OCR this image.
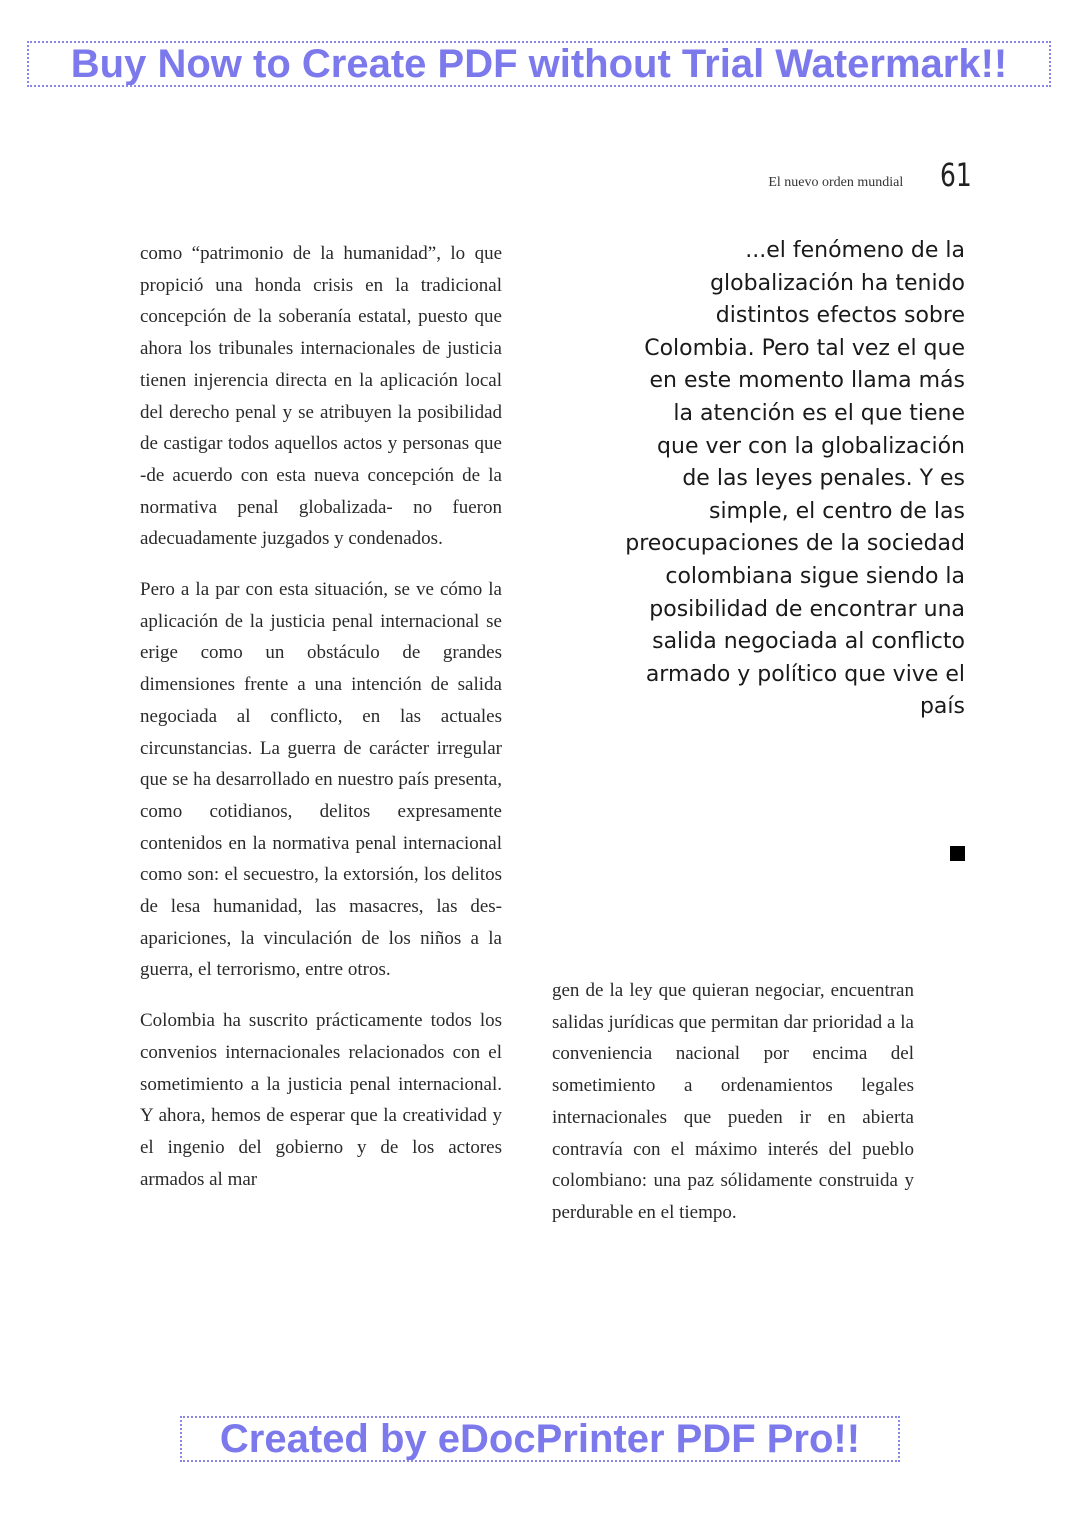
Buy Now to Create PDF without Trial Watermark!!
El nuevo orden mundial 61

como “patrimonio de la humanidad”, lo que propició una honda crisis en la tradicional concepción de la soberanía estatal, puesto que ahora los tribunales internacionales de justicia tienen injerencia directa en la aplicación local del derecho penal y se atribuyen la posibilidad de castigar todos aquellos actos y personas que -de acuerdo con esta nueva concepción de la normativa penal globalizada- no fueron adecuadamente juzgados y condenados.

Pero a la par con esta situación, se ve cómo la aplicación de la justicia penal internacional se erige como un obstáculo de grandes dimensiones frente a una intención de salida negociada al conflicto, en las actuales circunstancias. La guerra de carácter irregular que se ha desarrollado en nuestro país presenta, como cotidianos, delitos expresamente contenidos en la normativa penal internacional como son: el secuestro, la extorsión, los delitos de lesa humanidad, las masacres, las desapariciones, la vinculación de los niños a la guerra, el terrorismo, entre otros.

Colombia ha suscrito prácticamente todos los convenios internacionales relacionados con el sometimiento a la justicia penal internacional. Y ahora, hemos de esperar que la creatividad y el ingenio del gobierno y de los actores armados al mar

...el fenómeno de la globalización ha tenido distintos efectos sobre Colombia. Pero tal vez el que en este momento llama más la atención es el que tiene que ver con la globalización de las leyes penales. Y es simple, el centro de las preocupaciones de la sociedad colombiana sigue siendo la posibilidad de encontrar una salida negociada al conflicto armado y político que vive el país

gen de la ley que quieran negociar, encuentran salidas jurídicas que permitan dar prioridad a la conveniencia nacional por encima del sometimiento a ordenamientos legales internacionales que pueden ir en abierta contravía con el máximo interés del pueblo colombiano: una paz sólidamente construida y perdurable en el tiempo.

Created by eDocPrinter PDF Pro!!
